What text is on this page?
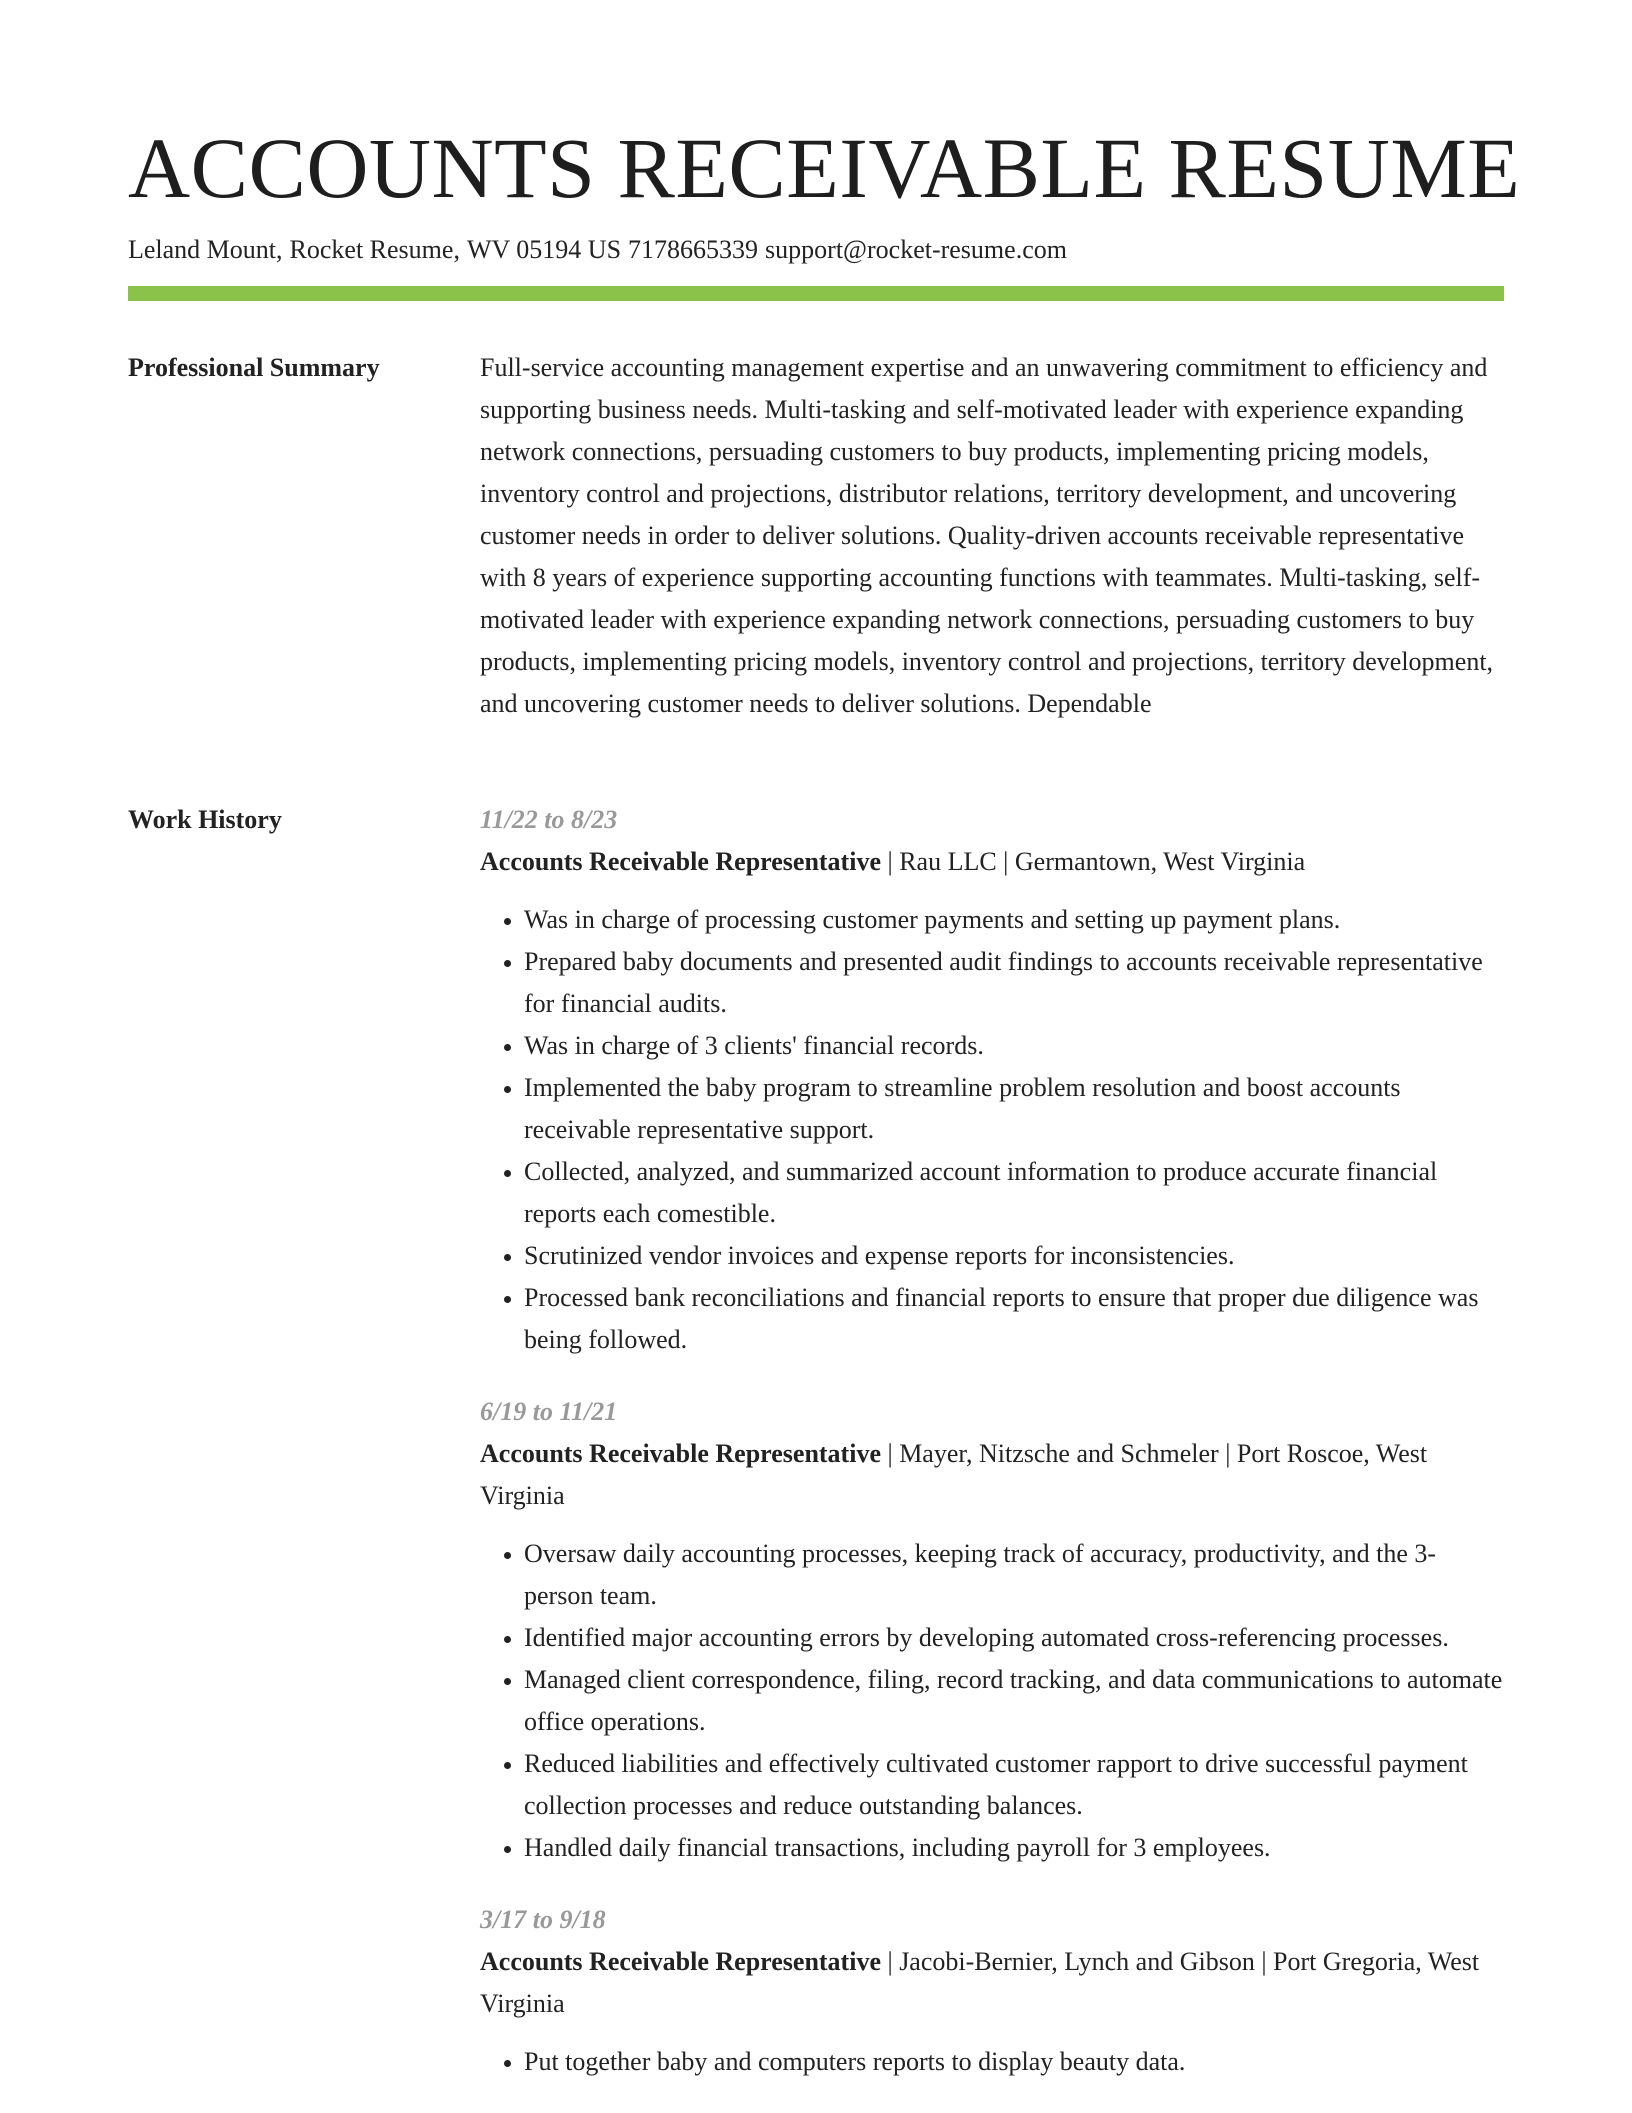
ACCOUNTS RECEIVABLE RESUME
Leland Mount, Rocket Resume, WV 05194 US 7178665339 support@rocket-resume.com
Professional Summary	Full-service accounting management expertise and an unwavering commitment to efficiency and supporting business needs. Multi-tasking and self-motivated leader with experience expanding network connections, persuading customers to buy products, implementing pricing models, inventory control and projections, distributor relations, territory development, and uncovering customer needs in order to deliver solutions. Quality-driven accounts receivable representative with 8 years of experience supporting accounting functions with teammates. Multi-tasking, self-motivated leader with experience expanding network connections, persuading customers to buy products, implementing pricing models, inventory control and projections, territory development, and uncovering customer needs to deliver solutions. Dependable

Work History	11/22 to 8/23
Accounts Receivable Representative | Rau LLC | Germantown, West Virginia
• Was in charge of processing customer payments and setting up payment plans.
• Prepared baby documents and presented audit findings to accounts receivable representative for financial audits.
• Was in charge of 3 clients' financial records.
• Implemented the baby program to streamline problem resolution and boost accounts receivable representative support.
• Collected, analyzed, and summarized account information to produce accurate financial reports each comestible.
• Scrutinized vendor invoices and expense reports for inconsistencies.
• Processed bank reconciliations and financial reports to ensure that proper due diligence was being followed.
6/19 to 11/21
Accounts Receivable Representative | Mayer, Nitzsche and Schmeler | Port Roscoe, West Virginia
• Oversaw daily accounting processes, keeping track of accuracy, productivity, and the 3-person team.
• Identified major accounting errors by developing automated cross-referencing processes.
• Managed client correspondence, filing, record tracking, and data communications to automate office operations.
• Reduced liabilities and effectively cultivated customer rapport to drive successful payment collection processes and reduce outstanding balances.
• Handled daily financial transactions, including payroll for 3 employees.
3/17 to 9/18
Accounts Receivable Representative | Jacobi-Bernier, Lynch and Gibson | Port Gregoria, West Virginia
• Put together baby and computers reports to display beauty data.
